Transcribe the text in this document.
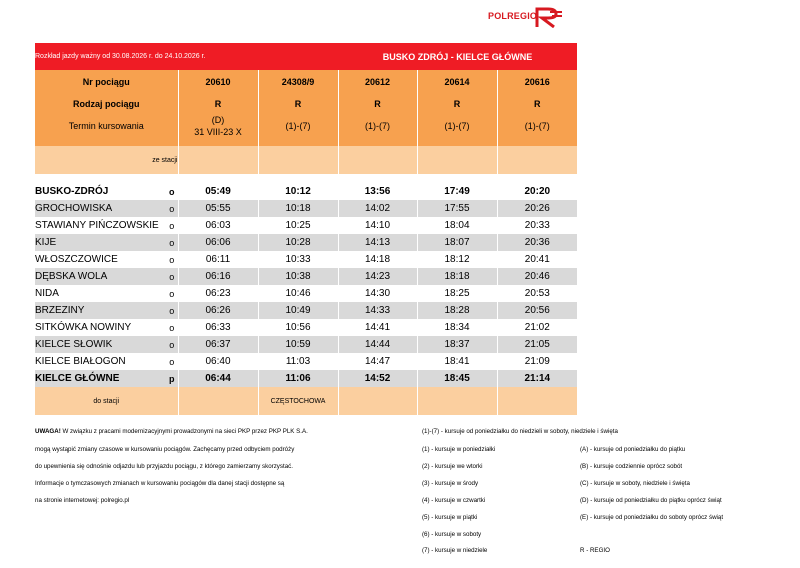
POLREGIO
Rozkład jazdy ważny od 30.08.2026 r. do 24.10.2026 r.				BUSKO ZDRÓJ - KIELCE GŁÓWNE		
Nr pociągu		20610	24308/9	20612	20614	20616
Rodzaj pociągu		R	R	R	R	R
Termin kursowania		(D)	(1)-(7)	(1)-(7)	(1)-(7)	(1)-(7)
		31 VIII-23 X				

ze stacji						

BUSKO-ZDRÓJ	o	05:49	10:12	13:56	17:49	20:20
GROCHOWISKA	o	05:55	10:18	14:02	17:55	20:26
STAWIANY PIŃCZOWSKIE	o	06:03	10:25	14:10	18:04	20:33
KIJE	o	06:06	10:28	14:13	18:07	20:36
WŁOSZCZOWICE	o	06:11	10:33	14:18	18:12	20:41
DĘBSKA WOLA	o	06:16	10:38	14:23	18:18	20:46
NIDA	o	06:23	10:46	14:30	18:25	20:53
BRZEZINY	o	06:26	10:49	14:33	18:28	20:56
SITKÓWKA NOWINY	o	06:33	10:56	14:41	18:34	21:02
KIELCE SŁOWIK	o	06:37	10:59	14:44	18:37	21:05
KIELCE BIAŁOGON	o	06:40	11:03	14:47	18:41	21:09
KIELCE GŁÓWNE	p	06:44	11:06	14:52	18:45	21:14
do stacji			CZĘSTOCHOWA			
UWAGA! W związku z pracami modernizacyjnymi prowadzonymi na sieci PKP przez PKP PLK S.A.
mogą wystąpić zmiany czasowe w kursowaniu pociągów. Zachęcamy przed odbyciem podróży
do upewnienia się odnośnie odjazdu lub przyjazdu pociągu, z którego zamierzamy skorzystać.
Informacje o tymczasowych zmianach w kursowaniu pociągów dla danej stacji dostępne są
na stronie internetowej: polregio.pl
(1)-(7) - kursuje od poniedziałku do niedzieli w soboty, niedziele i święta
(1) - kursuje w poniedziałki
(2) - kursuje we wtorki
(3) - kursuje w środy
(4) - kursuje w czwartki
(5) - kursuje w piątki
(6) - kursuje w soboty
(7) - kursuje w niedziele
(A) - kursuje od poniedziałku do piątku
(B) - kursuje codziennie oprócz sobót
(C) - kursuje w soboty, niedziele i święta
(D) - kursuje od poniedziałku do piątku oprócz świąt
(E) - kursuje od poniedziałku do soboty oprócz świąt
R - REGIO
